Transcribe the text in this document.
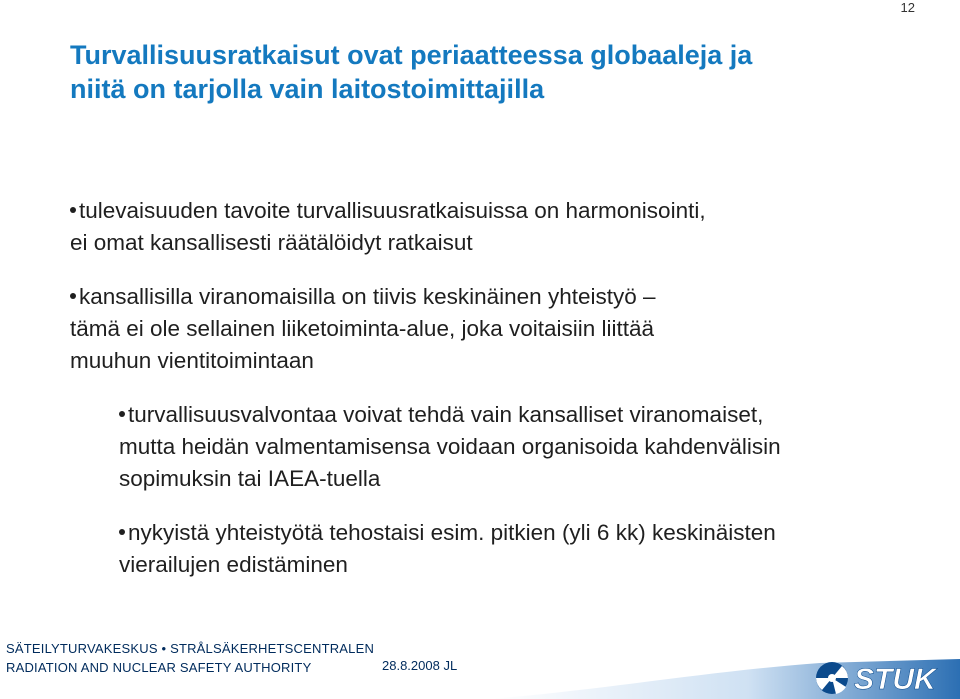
12
Turvallisuusratkaisut ovat periaatteessa globaaleja ja
niitä on tarjolla vain laitostoimittajilla

tulevaisuuden tavoite turvallisuusratkaisuissa on harmonisointi,
ei omat kansallisesti räätälöidyt ratkaisut

kansallisilla viranomaisilla on tiivis keskinäinen yhteistyö –
tämä ei ole sellainen liiketoiminta-alue, joka voitaisiin liittää
muuhun vientitoimintaan

turvallisuusvalvontaa voivat tehdä vain kansalliset viranomaiset,
mutta heidän valmentamisensa voidaan organisoida kahdenvälisin
sopimuksin tai IAEA-tuella

nykyistä yhteistyötä tehostaisi esim. pitkien (yli 6 kk) keskinäisten
vierailujen edistäminen

SÄTEILYTURVAKESKUS • STRÅLSÄKERHETSCENTRALEN
RADIATION AND NUCLEAR SAFETY AUTHORITY	28.8.2008 JL	STUK
